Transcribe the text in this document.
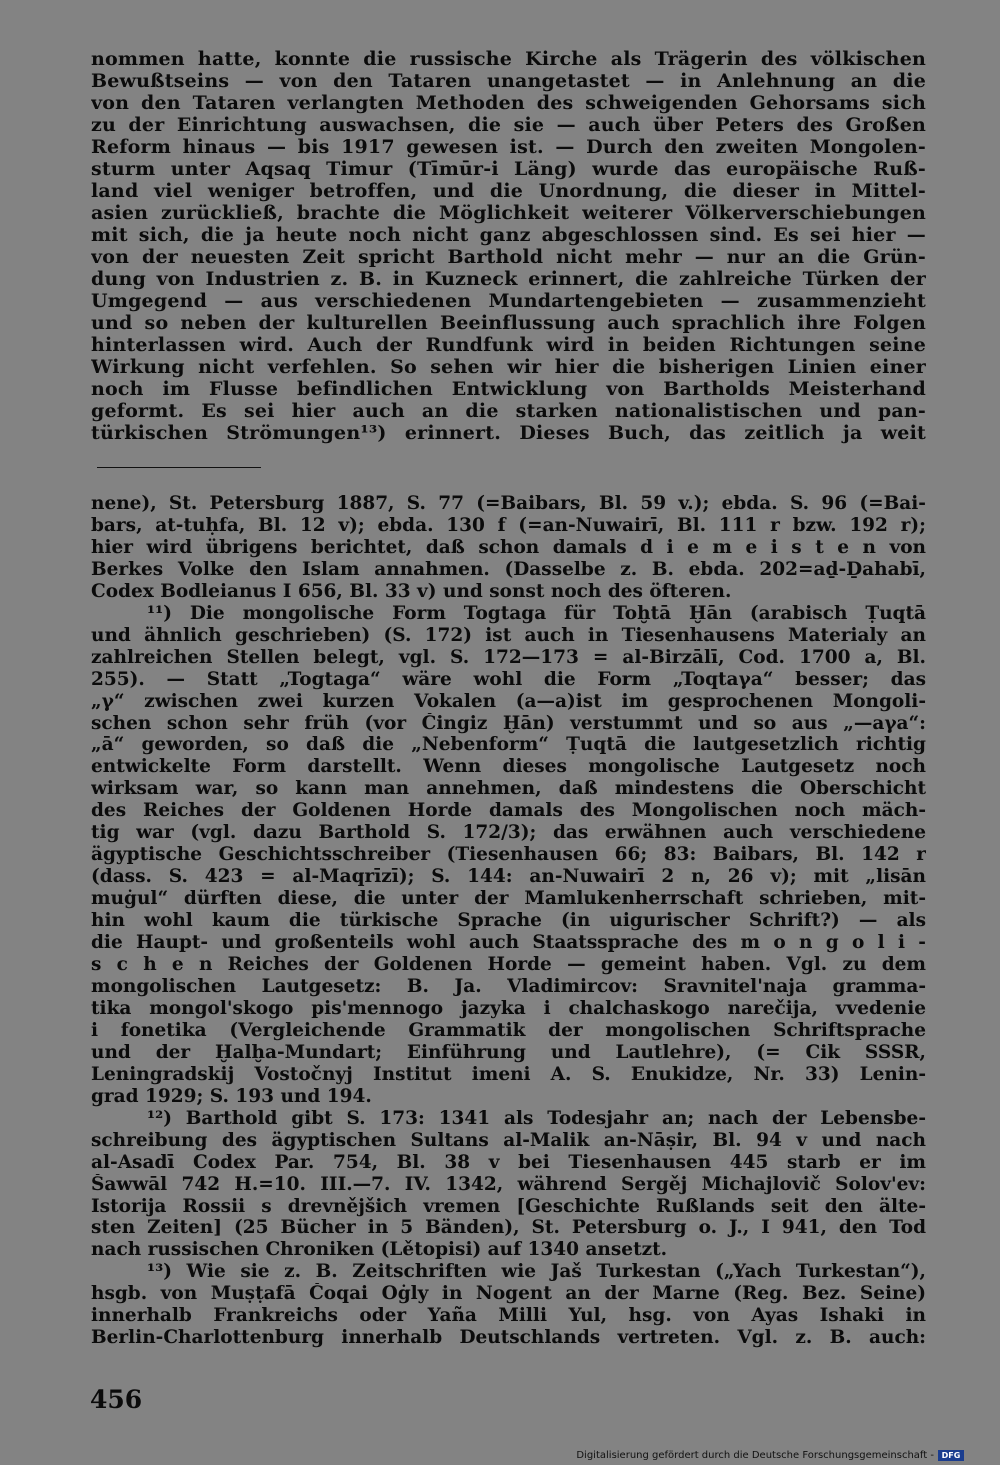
nommen hatte, konnte die russische Kirche als Trägerin des völkischen
Bewußtseins — von den Tataren unangetastet — in Anlehnung an die
von den Tataren verlangten Methoden des schweigenden Gehorsams sich
zu der Einrichtung auswachsen, die sie — auch über Peters des Großen
Reform hinaus — bis 1917 gewesen ist. — Durch den zweiten Mongolen-
sturm unter Aqsaq Timur (Tīmūr-i Läng) wurde das europäische Ruß-
land viel weniger betroffen, und die Unordnung, die dieser in Mittel-
asien zurückließ, brachte die Möglichkeit weiterer Völkerverschiebungen
mit sich, die ja heute noch nicht ganz abgeschlossen sind. Es sei hier —
von der neuesten Zeit spricht Barthold nicht mehr — nur an die Grün-
dung von Industrien z. B. in Kuzneck erinnert, die zahlreiche Türken der
Umgegend — aus verschiedenen Mundartengebieten — zusammenzieht
und so neben der kulturellen Beeinflussung auch sprachlich ihre Folgen
hinterlassen wird. Auch der Rundfunk wird in beiden Richtungen seine
Wirkung nicht verfehlen. So sehen wir hier die bisherigen Linien einer
noch im Flusse befindlichen Entwicklung von Bartholds Meisterhand
geformt. Es sei hier auch an die starken nationalistischen und pan-
türkischen Strömungen¹³) erinnert. Dieses Buch, das zeitlich ja weit
nene), St. Petersburg 1887, S. 77 (=Baibars, Bl. 59 v.); ebda. S. 96 (=Bai-
bars, at-tuḥfa, Bl. 12 v); ebda. 130 f (=an-Nuwairī, Bl. 111 r bzw. 192 r);
hier wird übrigens berichtet, daß schon damals d i e m e i s t e n von
Berkes Volke den Islam annahmen. (Dasselbe z. B. ebda. 202=aḏ-Ḏahabī,
Codex Bodleianus I 656, Bl. 33 v) und sonst noch des öfteren.
¹¹) Die mongolische Form Togtaga für Toḫtā Ḫān (arabisch Ṭuqtā
und ähnlich geschrieben) (S. 172) ist auch in Tiesenhausens Materialy an
zahlreichen Stellen belegt, vgl. S. 172—173 = al-Birzālī, Cod. 1700 a, Bl.
255). — Statt „Togtaga“ wäre wohl die Form „Toqtaγa“ besser; das
„γ“ zwischen zwei kurzen Vokalen (a—a)ist im gesprochenen Mongoli-
schen schon sehr früh (vor Čingiz Ḫān) verstummt und so aus „—aγa“:
„ā“ geworden, so daß die „Nebenform“ Ṭuqtā die lautgesetzlich richtig
entwickelte Form darstellt. Wenn dieses mongolische Lautgesetz noch
wirksam war, so kann man annehmen, daß mindestens die Oberschicht
des Reiches der Goldenen Horde damals des Mongolischen noch mäch-
tig war (vgl. dazu Barthold S. 172/3); das erwähnen auch verschiedene
ägyptische Geschichtsschreiber (Tiesenhausen 66; 83: Baibars, Bl. 142 r
(dass. S. 423 = al-Maqrīzī); S. 144: an-Nuwairī 2 n, 26 v); mit „lisān
muġul“ dürften diese, die unter der Mamlukenherrschaft schrieben, mit-
hin wohl kaum die türkische Sprache (in uigurischer Schrift?) — als
die Haupt- und großenteils wohl auch Staatssprache des m o n g o l i -
s c h e n Reiches der Goldenen Horde — gemeint haben. Vgl. zu dem
mongolischen Lautgesetz: B. Ja. Vladimircov: Sravnitel'naja gramma-
tika mongol'skogo pis'mennogo jazyka i chalchaskogo narečija, vvedenie
i fonetika (Vergleichende Grammatik der mongolischen Schriftsprache
und der Ḫalḫa-Mundart; Einführung und Lautlehre), (= Cik SSSR,
Leningradskij Vostočnyj Institut imeni A. S. Enukidze, Nr. 33) Lenin-
grad 1929; S. 193 und 194.
¹²) Barthold gibt S. 173: 1341 als Todesjahr an; nach der Lebensbe-
schreibung des ägyptischen Sultans al-Malik an-Nāṣir, Bl. 94 v und nach
al-Asadī Codex Par. 754, Bl. 38 v bei Tiesenhausen 445 starb er im
Šawwāl 742 H.=10. III.—7. IV. 1342, während Sergěj Michajlovič Solov'ev:
Istorija Rossii s drevnějšich vremen [Geschichte Rußlands seit den älte-
sten Zeiten] (25 Bücher in 5 Bänden), St. Petersburg o. J., I 941, den Tod
nach russischen Chroniken (Lětopisi) auf 1340 ansetzt.
¹³) Wie sie z. B. Zeitschriften wie Jaš Turkestan („Yach Turkestan“),
hsgb. von Muṣṭafā Čoqai Oġly in Nogent an der Marne (Reg. Bez. Seine)
innerhalb Frankreichs oder Yaña Milli Yul, hsg. von Ayas Ishaki in
Berlin-Charlottenburg innerhalb Deutschlands vertreten. Vgl. z. B. auch:
456
Digitalisierung gefördert durch die Deutsche Forschungsgemeinschaft - DFG
